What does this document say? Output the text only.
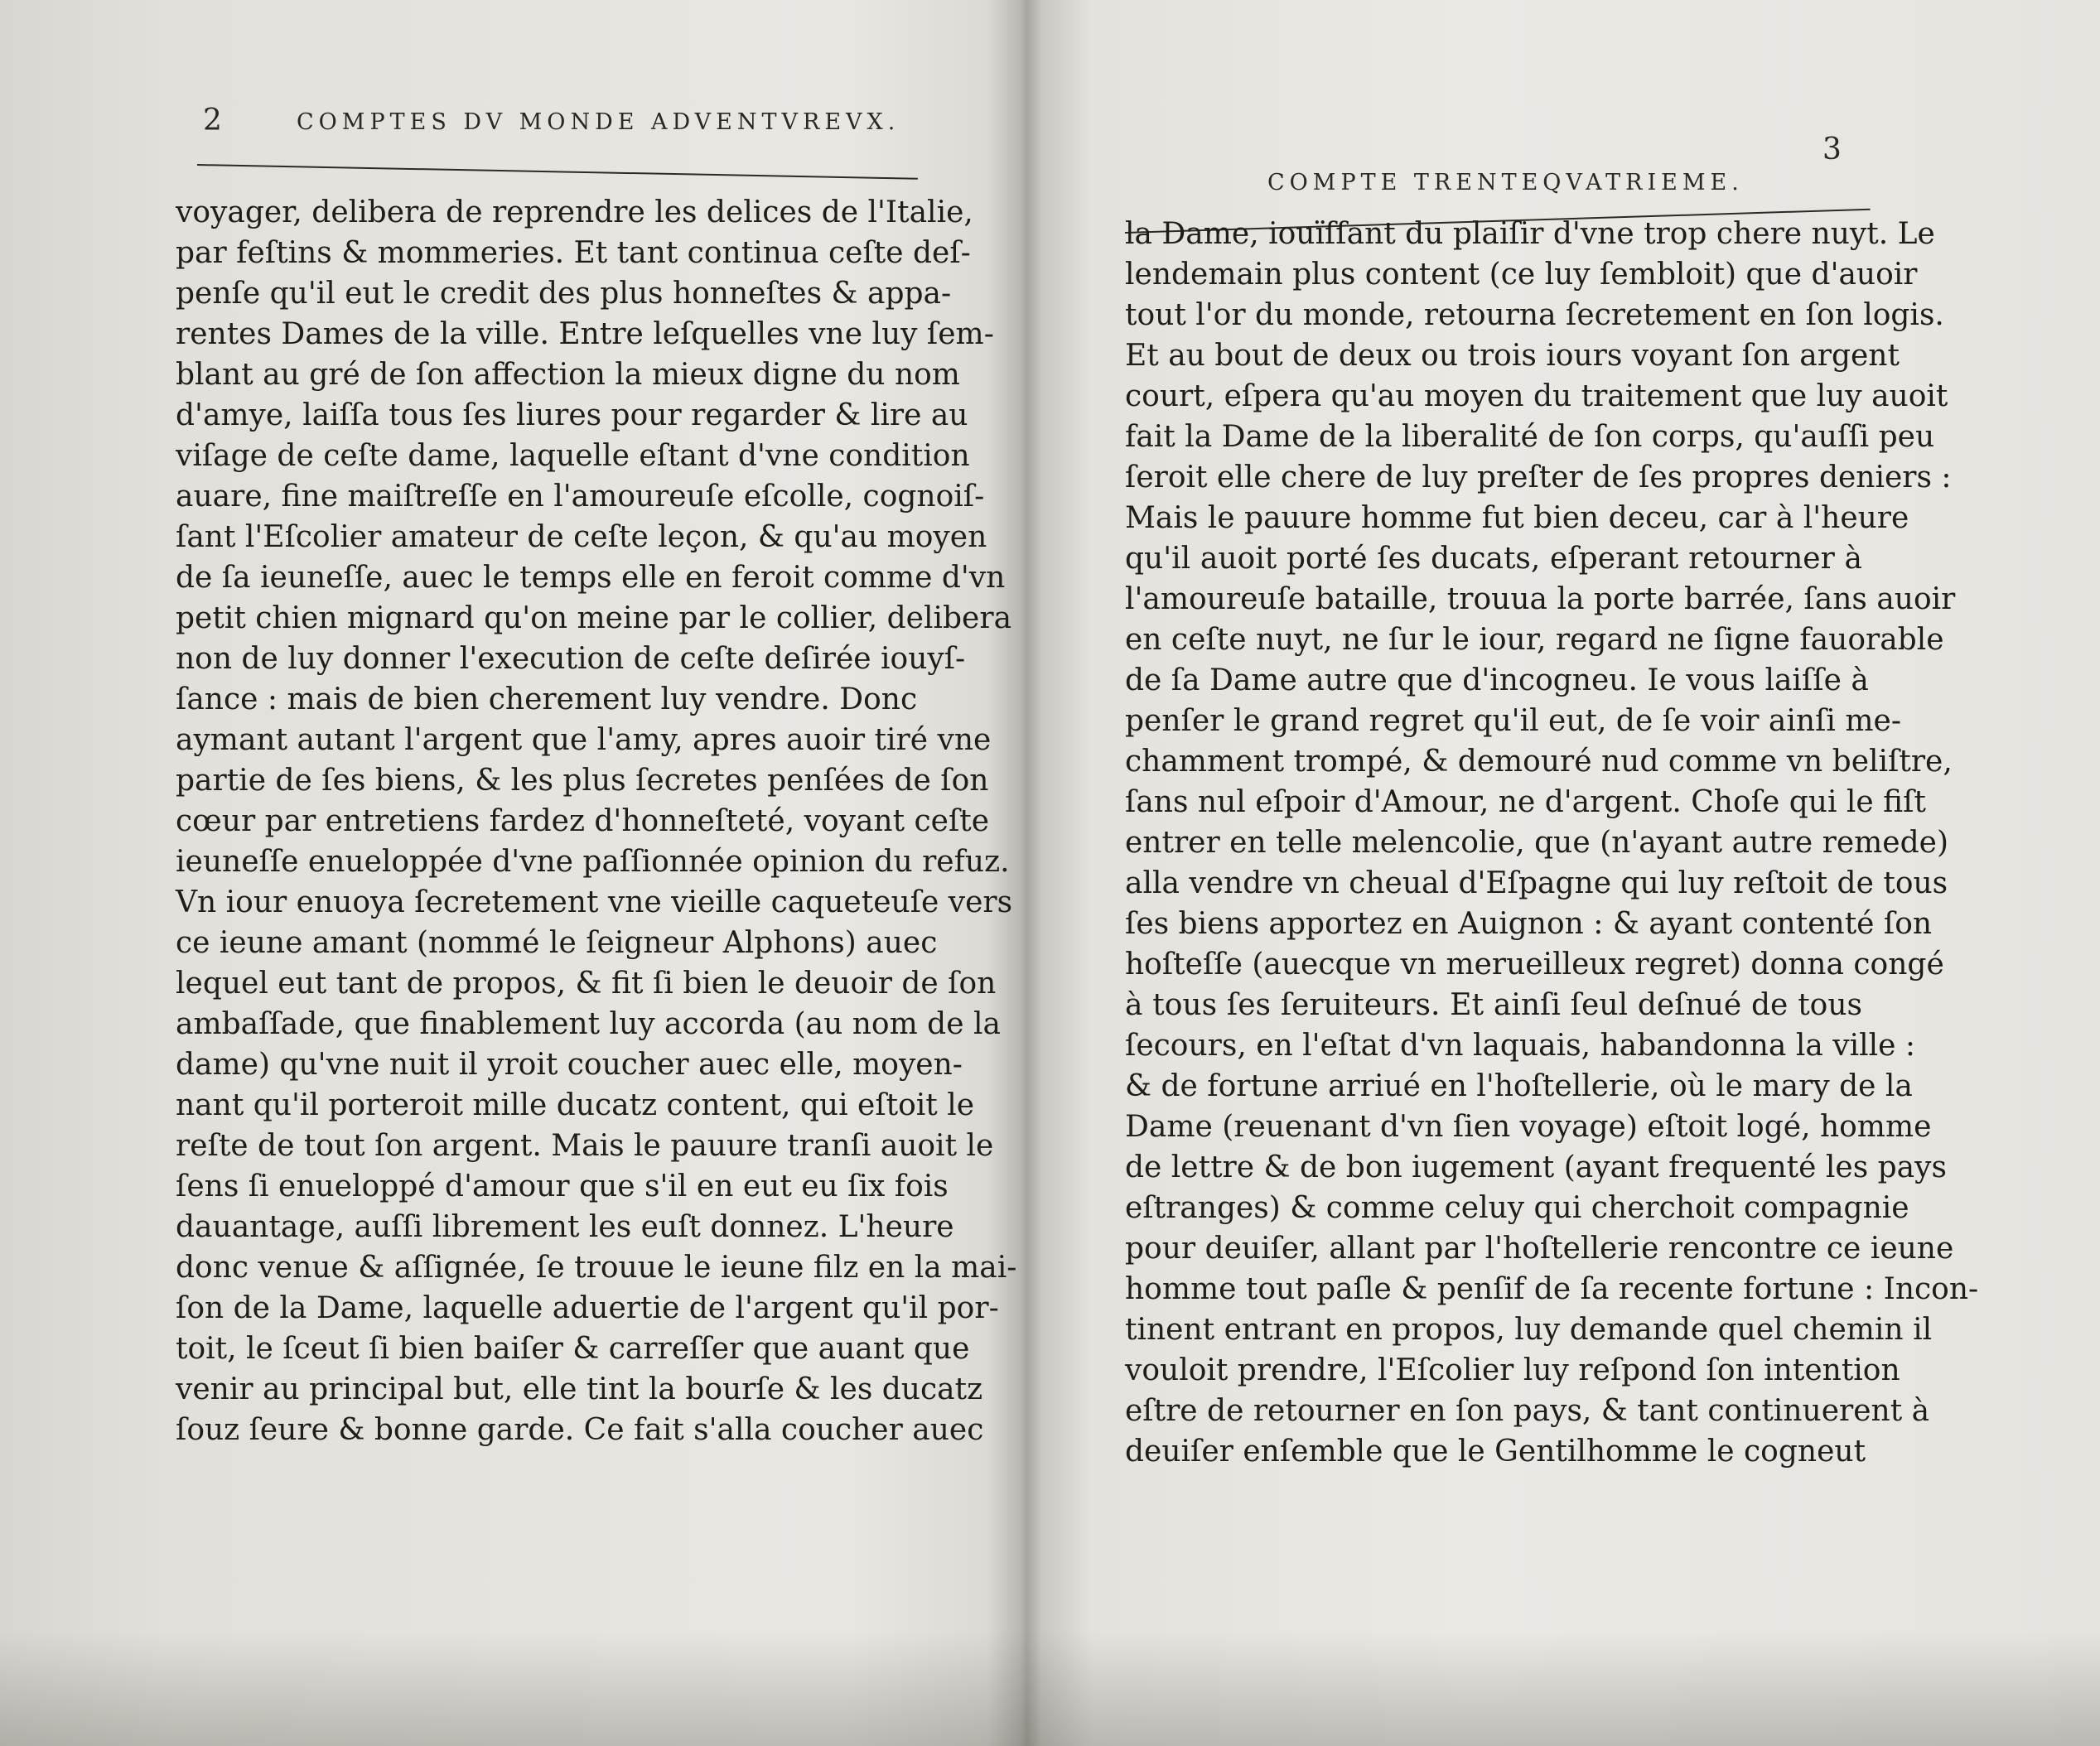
2	COMPTES DV MONDE ADVENTVREVX.
voyager, delibera de reprendre les delices de l'Italie,
par feſtins & mommeries. Et tant continua ceſte deſ-
penſe qu'il eut le credit des plus honneſtes & appa-
rentes Dames de la ville. Entre leſquelles vne luy ſem-
blant au gré de ſon affection la mieux digne du nom
d'amye, laiſſa tous ſes liures pour regarder & lire au
viſage de ceſte dame, laquelle eſtant d'vne condition
auare, fine maiſtreſſe en l'amoureuſe eſcolle, cognoiſ-
ſant l'Eſcolier amateur de ceſte leçon, & qu'au moyen
de ſa ieuneſſe, auec le temps elle en feroit comme d'vn
petit chien mignard qu'on meine par le collier, delibera
non de luy donner l'execution de ceſte deſirée iouyſ-
ſance : mais de bien cherement luy vendre. Donc
aymant autant l'argent que l'amy, apres auoir tiré vne
partie de ſes biens, & les plus ſecretes penſées de ſon
cœur par entretiens fardez d'honneſteté, voyant ceſte
ieuneſſe enueloppée d'vne paſſionnée opinion du refuz.
Vn iour enuoya ſecretement vne vieille caqueteuſe vers
ce ieune amant (nommé le ſeigneur Alphons) auec
lequel eut tant de propos, & fit ſi bien le deuoir de ſon
ambaſſade, que finablement luy accorda (au nom de la
dame) qu'vne nuit il yroit coucher auec elle, moyen-
nant qu'il porteroit mille ducatz content, qui eſtoit le
reſte de tout ſon argent. Mais le pauure tranſi auoit le
ſens ſi enueloppé d'amour que s'il en eut eu ſix fois
dauantage, auſſi librement les euſt donnez. L'heure
donc venue & aſſignée, ſe trouue le ieune filz en la mai-
ſon de la Dame, laquelle aduertie de l'argent qu'il por-
toit, le ſceut ſi bien baiſer & carreſſer que auant que
venir au principal but, elle tint la bourſe & les ducatz
ſouz ſeure & bonne garde. Ce fait s'alla coucher auec
3
COMPTE TRENTEQVATRIEME.
la Dame, iouïſſant du plaiſir d'vne trop chere nuyt. Le
lendemain plus content (ce luy ſembloit) que d'auoir
tout l'or du monde, retourna ſecretement en ſon logis.
Et au bout de deux ou trois iours voyant ſon argent
court, eſpera qu'au moyen du traitement que luy auoit
fait la Dame de la liberalité de ſon corps, qu'auſſi peu
ſeroit elle chere de luy preſter de ſes propres deniers :
Mais le pauure homme fut bien deceu, car à l'heure
qu'il auoit porté ſes ducats, eſperant retourner à
l'amoureuſe bataille, trouua la porte barrée, ſans auoir
en ceſte nuyt, ne ſur le iour, regard ne ſigne fauorable
de ſa Dame autre que d'incogneu. Ie vous laiſſe à
penſer le grand regret qu'il eut, de ſe voir ainſi me-
chamment trompé, & demouré nud comme vn beliſtre,
ſans nul eſpoir d'Amour, ne d'argent. Choſe qui le fiſt
entrer en telle melencolie, que (n'ayant autre remede)
alla vendre vn cheual d'Eſpagne qui luy reſtoit de tous
ſes biens apportez en Auignon : & ayant contenté ſon
hoſteſſe (auecque vn merueilleux regret) donna congé
à tous ſes ſeruiteurs. Et ainſi ſeul deſnué de tous
ſecours, en l'eſtat d'vn laquais, habandonna la ville :
& de fortune arriué en l'hoſtellerie, où le mary de la
Dame (reuenant d'vn ſien voyage) eſtoit logé, homme
de lettre & de bon iugement (ayant frequenté les pays
eſtranges) & comme celuy qui cherchoit compagnie
pour deuiſer, allant par l'hoſtellerie rencontre ce ieune
homme tout paſle & penſif de ſa recente fortune : Incon-
tinent entrant en propos, luy demande quel chemin il
vouloit prendre, l'Eſcolier luy reſpond ſon intention
eſtre de retourner en ſon pays, & tant continuerent à
deuiſer enſemble que le Gentilhomme le cogneut
